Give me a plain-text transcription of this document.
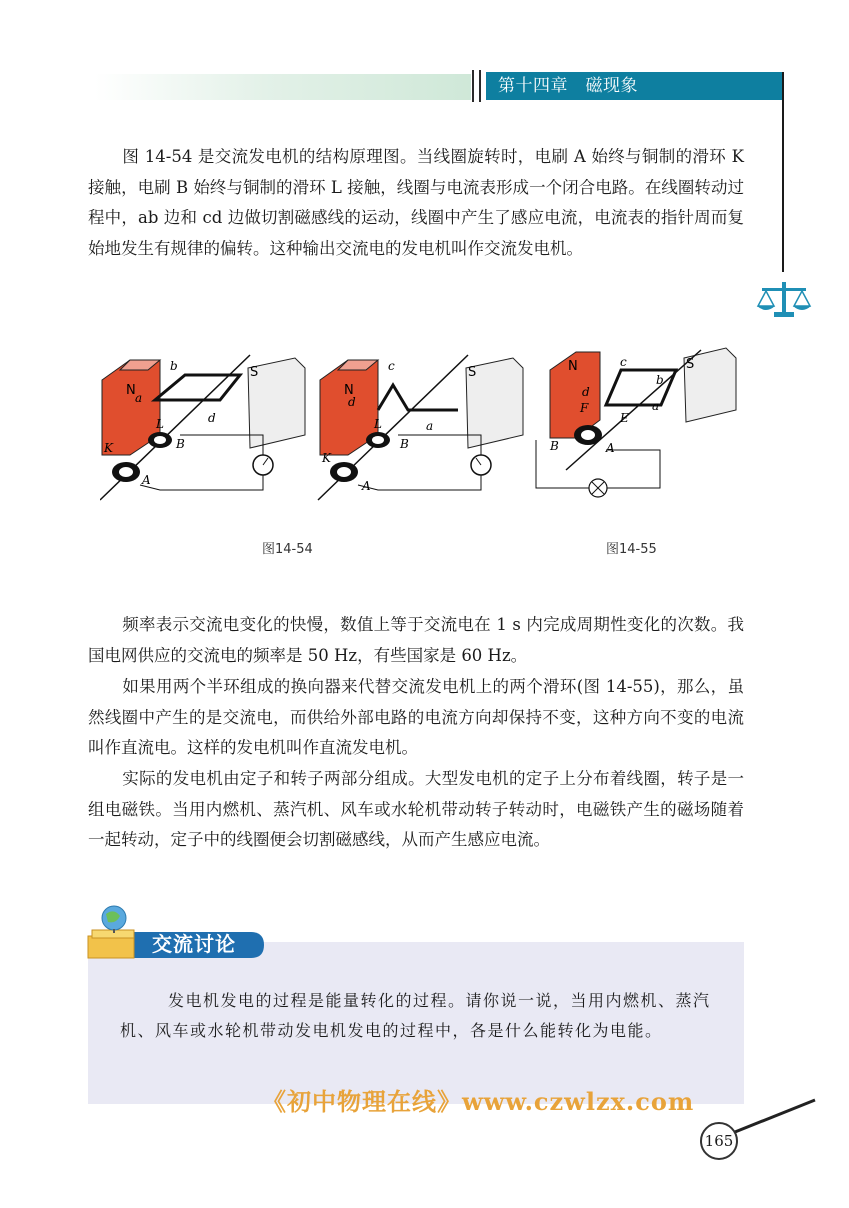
第十四章　磁现象

图 14-54 是交流发电机的结构原理图。当线圈旋转时，电刷 A 始终与铜制的滑环 K 接触，电刷 B 始终与铜制的滑环 L 接触，线圈与电流表形成一个闭合电路。在线圈转动过程中，ab 边和 cd 边做切割磁感线的运动，线圈中产生了感应电流，电流表的指针周而复始地发生有规律的偏转。这种输出交流电的发电机叫作交流发电机。

N
S
b
a
d
K
L
B
A
N
S
c
d
a
K
L
B
A
N	S
c
d
F
E
a
b
B	A
图14-54	图14-55

频率表示交流电变化的快慢，数值上等于交流电在 1 s 内完成周期性变化的次数。我国电网供应的交流电的频率是 50 Hz，有些国家是 60 Hz。

如果用两个半环组成的换向器来代替交流发电机上的两个滑环(图 14-55)，那么，虽然线圈中产生的是交流电，而供给外部电路的电流方向却保持不变，这种方向不变的电流叫作直流电。这样的发电机叫作直流发电机。

实际的发电机由定子和转子两部分组成。大型发电机的定子上分布着线圈，转子是一组电磁铁。当用内燃机、蒸汽机、风车或水轮机带动转子转动时，电磁铁产生的磁场随着一起转动，定子中的线圈便会切割磁感线，从而产生感应电流。

交流讨论

发电机发电的过程是能量转化的过程。请你说一说，当用内燃机、蒸汽机、风车或水轮机带动发电机发电的过程中，各是什么能转化为电能。

《初中物理在线》www.czwlzx.com
165
